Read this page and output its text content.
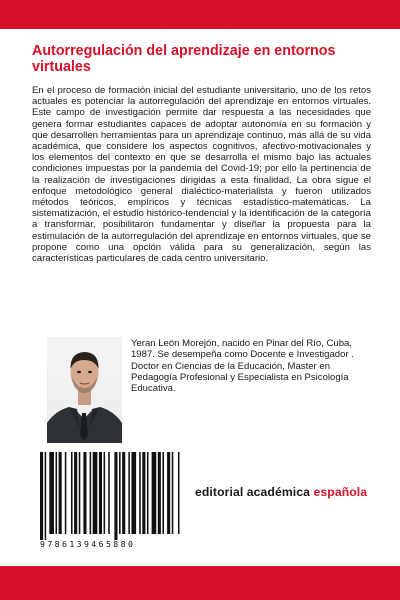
Autorregulación del aprendizaje en entornos virtuales

En el proceso de formación inicial del estudiante universitario, uno de los retos actuales es potenciar la autorregulación del aprendizaje en entornos virtuales. Este campo de investigación permite dar respuesta a las necesidades que genera formar estudiantes capaces de adoptar autonomía en su formación y que desarrollen herramientas para un aprendizaje continuo, más allá de su vida académica, que considere los aspectos cognitivos, afectivo-motivacionales y los elementos del contexto en que se desarrolla el mismo bajo las actuales condiciones impuestas por la pandemia del Covid-19; por ello la pertinencia de la realización de investigaciones dirigidas a esta finalidad. La obra sigue el enfoque metodológico general dialéctico-materialista y fueron utilizados métodos teóricos, empíricos y técnicas estadístico-matemáticas. La sistematización, el estudio histórico-tendencial y la identificación de la categoría a transformar, posibilitaron fundamentar y diseñar la propuesta para la estimulación de la autorregulación del aprendizaje en entornos virtuales, que se propone como una opción válida para su generalización, según las características particulares de cada centro universitario.

Yeran León Morejón, nacido en Pinar del Río, Cuba, 1987. Se desempeña como Docente e Investigador . Doctor en Ciencias de la Educación, Master en Pedagogía Profesional y Especialista en Psicología Educativa.

9786139465880
editorial académica española
